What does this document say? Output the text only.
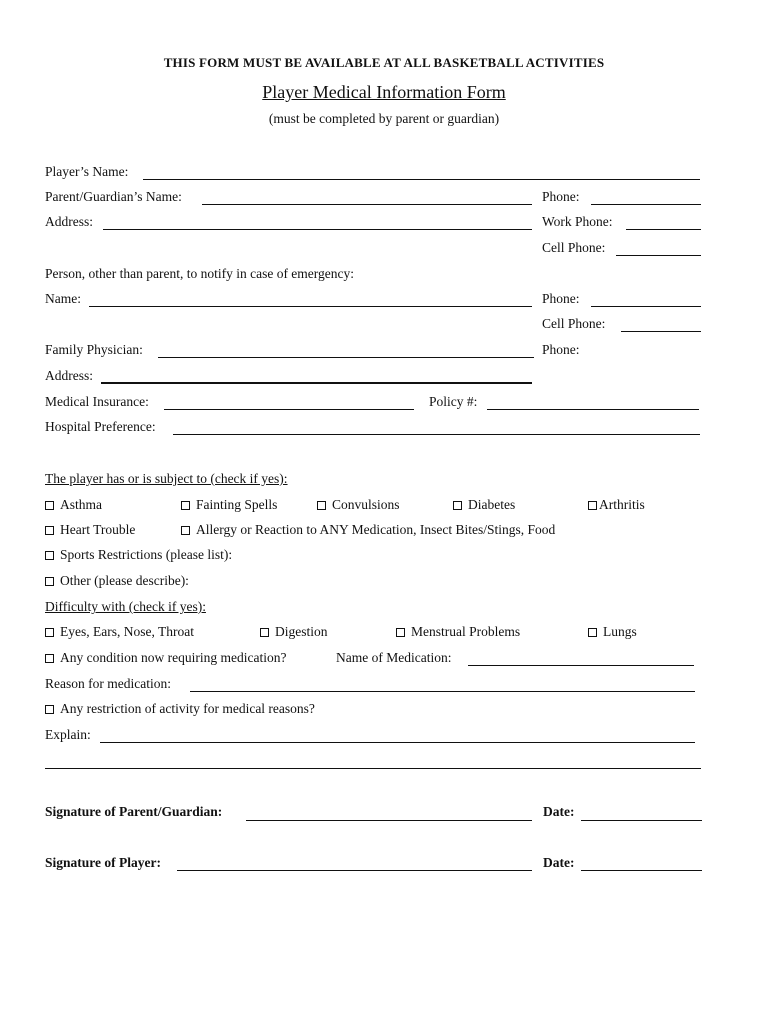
THIS FORM MUST BE AVAILABLE AT ALL BASKETBALL ACTIVITIES
Player Medical Information Form
(must be completed by parent or guardian)
Player’s Name:
Parent/Guardian’s Name:	Phone:
Address:	Work Phone:
Cell Phone:
Person, other than parent, to notify in case of emergency:
Name:	Phone:
Cell Phone:
Family Physician:	Phone:
Address:
Medical Insurance:	Policy #:
Hospital Preference:
The player has or is subject to (check if yes):
Asthma	Fainting Spells	Convulsions	Diabetes	Arthritis
Heart Trouble	Allergy or Reaction to ANY Medication, Insect Bites/Stings, Food
Sports Restrictions (please list):
Other (please describe):
Difficulty with (check if yes):
Eyes, Ears, Nose, Throat	Digestion	Menstrual Problems	Lungs
Any condition now requiring medication?	Name of Medication:
Reason for medication:
Any restriction of activity for medical reasons?
Explain:
Signature of Parent/Guardian:	Date:
Signature of Player:	Date:
